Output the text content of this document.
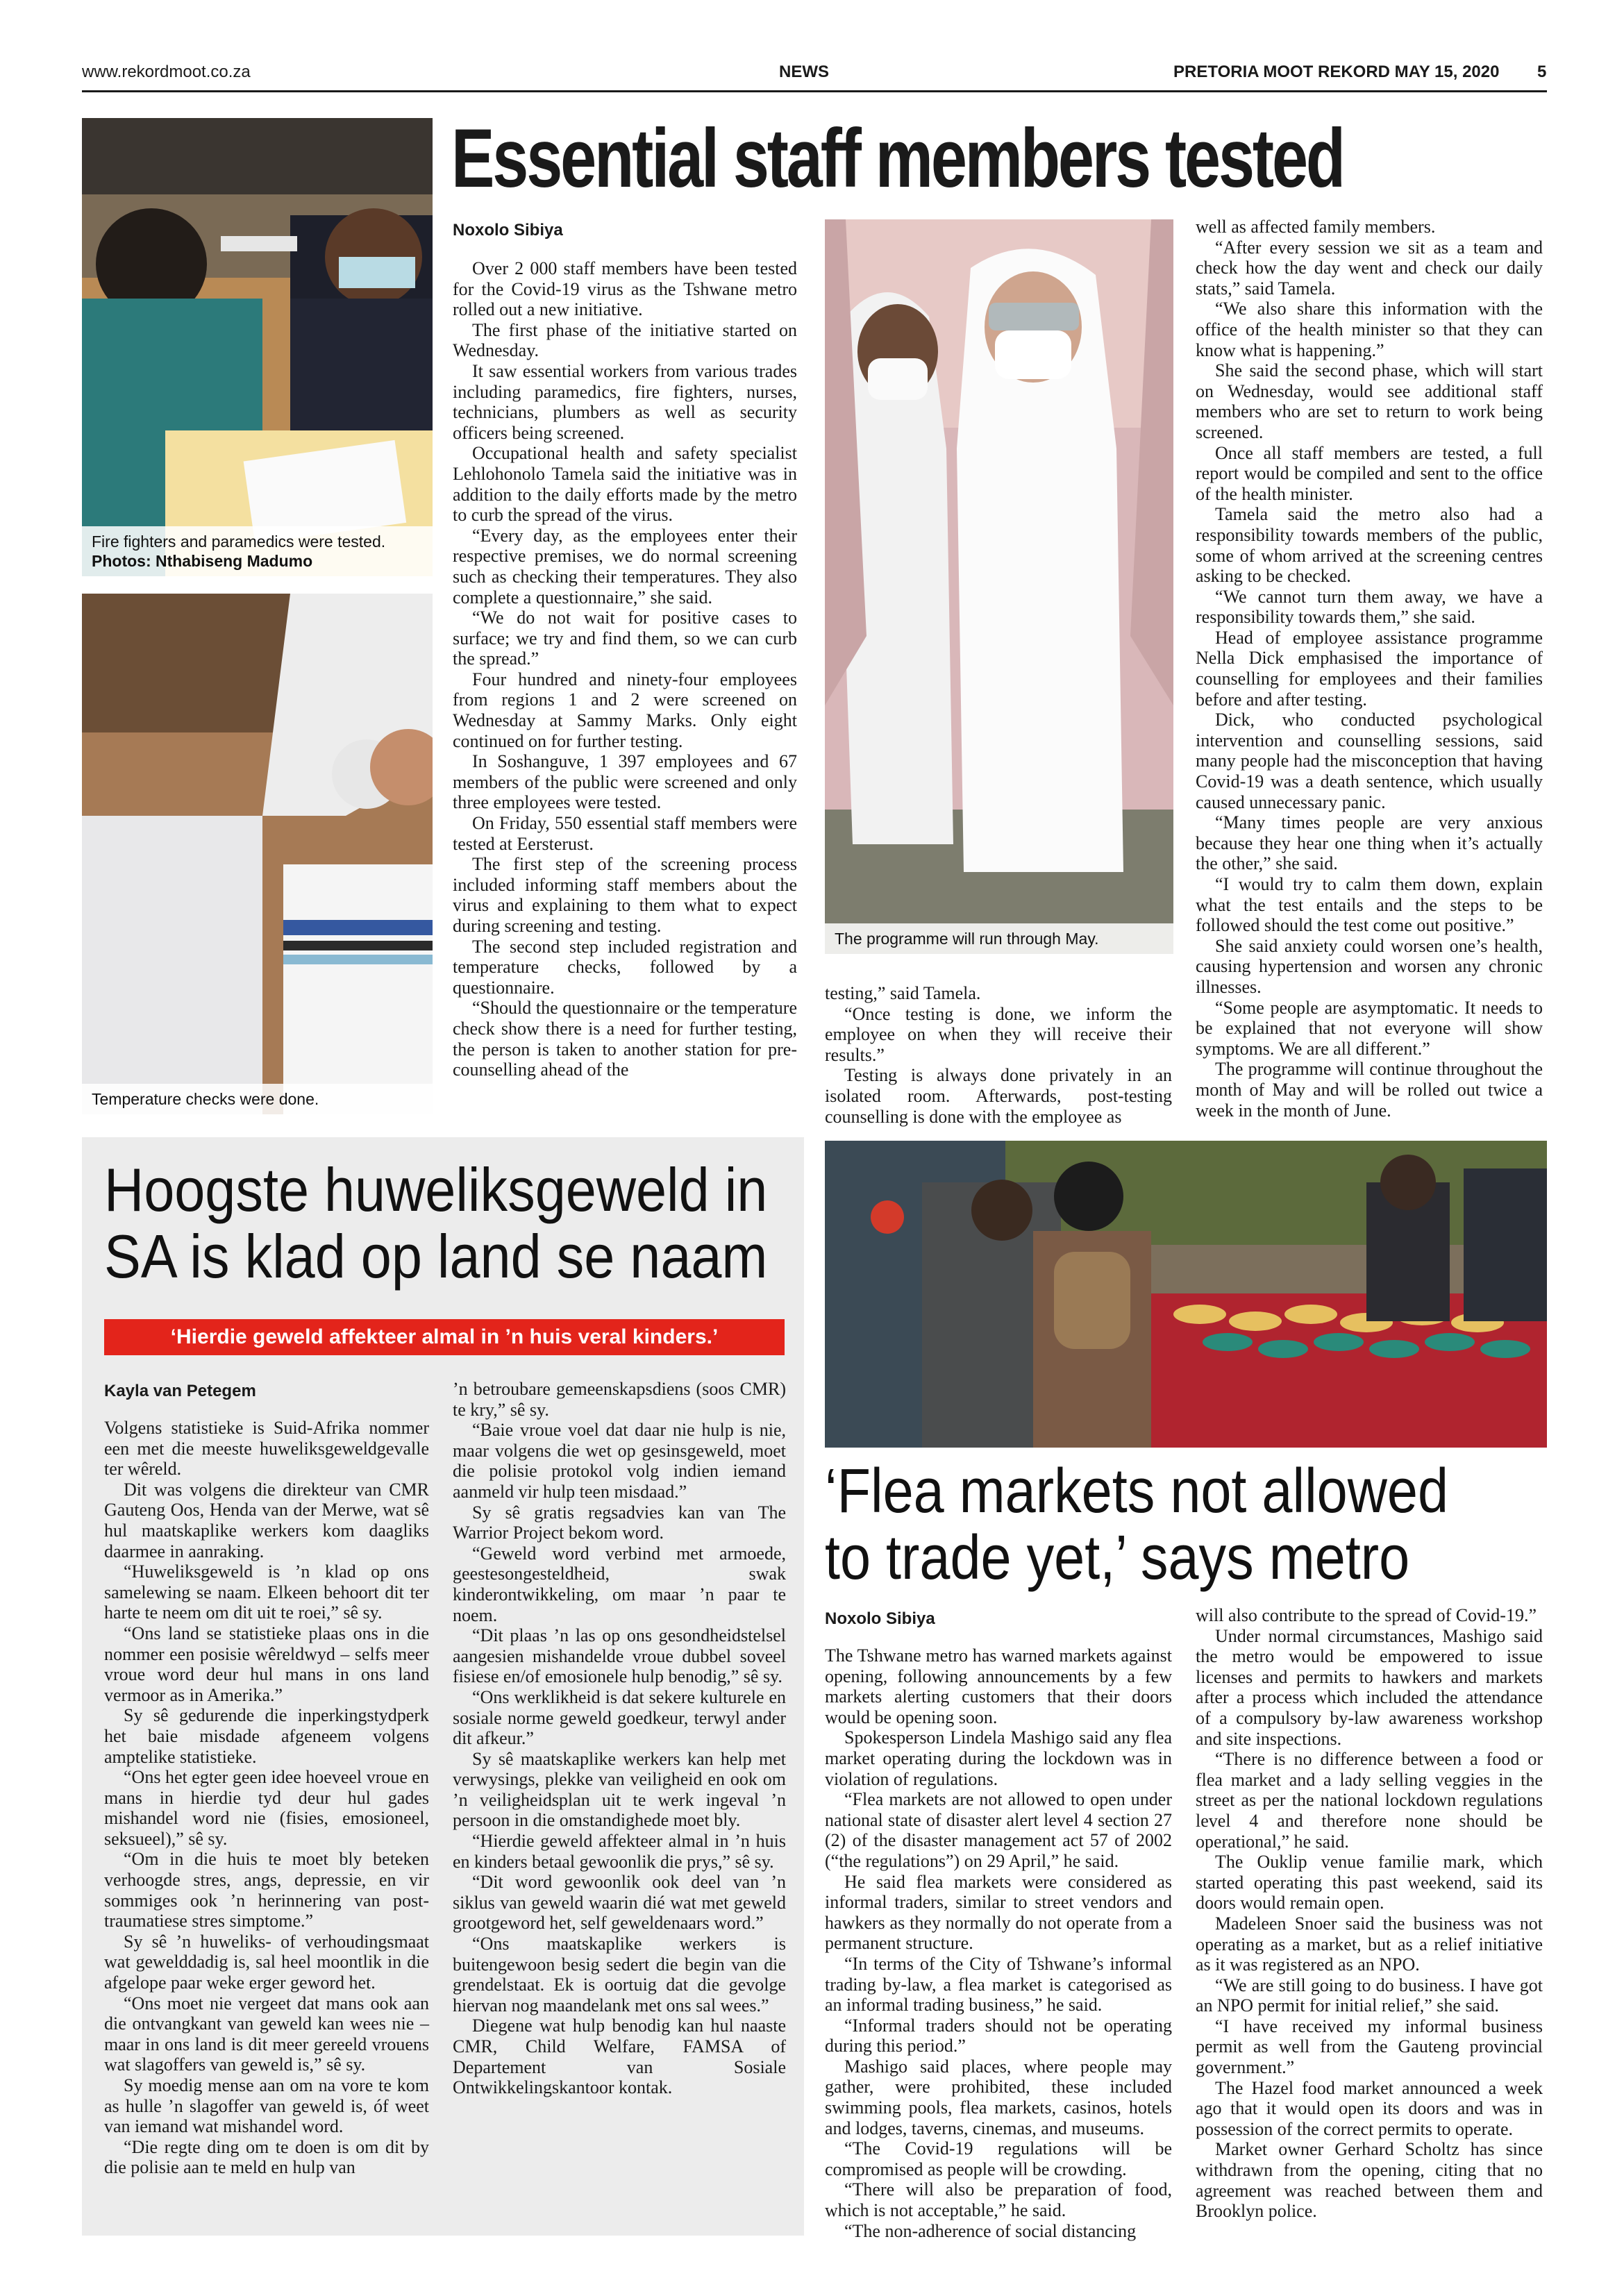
www.rekordmoot.co.za	NEWS	PRETORIA MOOT REKORD MAY 15, 2020 5
Fire fighters and paramedics were tested. Photos: Nthabiseng Madumo
Temperature checks were done.
Essential staff members tested
Noxolo Sibiya

Over 2 000 staff members have been tested for the Covid-19 virus as the Tshwane metro rolled out a new initiative.

The first phase of the initiative started on Wednesday.

It saw essential workers from various trades including paramedics, fire fighters, nurses, technicians, plumbers as well as security officers being screened.

Occupational health and safety specialist Lehlohonolo Tamela said the initiative was in addition to the daily efforts made by the metro to curb the spread of the virus.

“Every day, as the employees enter their respective premises, we do normal screening such as checking their temperatures. They also complete a questionnaire,” she said.

“We do not wait for positive cases to surface; we try and find them, so we can curb the spread.”

Four hundred and ninety-four employees from regions 1 and 2 were screened on Wednesday at Sammy Marks. Only eight continued on for further testing.

In Soshanguve, 1 397 employees and 67 members of the public were screened and only three employees were tested.

On Friday, 550 essential staff members were tested at Eersterust.

The first step of the screening process included informing staff members about the virus and explaining to them what to expect during screening and testing.

The second step included registration and temperature checks, followed by a questionnaire.

“Should the questionnaire or the temperature check show there is a need for further testing, the person is taken to another station for pre-counselling ahead of the

The programme will run through May.

testing,” said Tamela.

“Once testing is done, we inform the employee on when they will receive their results.”

Testing is always done privately in an isolated room. Afterwards, post-testing counselling is done with the employee as

well as affected family members.

“After every session we sit as a team and check how the day went and check our daily stats,” said Tamela.

“We also share this information with the office of the health minister so that they can know what is happening.”

She said the second phase, which will start on Wednesday, would see additional staff members who are set to return to work being screened.

Once all staff members are tested, a full report would be compiled and sent to the office of the health minister.

Tamela said the metro also had a responsibility towards members of the public, some of whom arrived at the screening centres asking to be checked.

“We cannot turn them away, we have a responsibility towards them,” she said.

Head of employee assistance programme Nella Dick emphasised the importance of counselling for employees and their families before and after testing.

Dick, who conducted psychological intervention and counselling sessions, said many people had the misconception that having Covid-19 was a death sentence, which usually caused unnecessary panic.

“Many times people are very anxious because they hear one thing when it’s actually the other,” she said.

“I would try to calm them down, explain what the test entails and the steps to be followed should the test come out positive.”

She said anxiety could worsen one’s health, causing hypertension and worsen any chronic illnesses.

“Some people are asymptomatic. It needs to be explained that not everyone will show symptoms. We are all different.”

The programme will continue throughout the month of May and will be rolled out twice a week in the month of June.

Hoogste huweliksgeweld in
SA is klad op land se naam
‘Hierdie geweld affekteer almal in ’n huis veral kinders.’
Kayla van Petegem

Volgens statistieke is Suid-Afrika nommer een met die meeste huweliksgeweldgevalle ter wêreld.

Dit was volgens die direkteur van CMR Gauteng Oos, Henda van der Merwe, wat sê hul maatskaplike werkers kom daagliks daarmee in aanraking.

“Huweliksgeweld is ’n klad op ons samelewing se naam. Elkeen behoort dit ter harte te neem om dit uit te roei,” sê sy.

“Ons land se statistieke plaas ons in die nommer een posisie wêreldwyd – selfs meer vroue word deur hul mans in ons land vermoor as in Amerika.”

Sy sê gedurende die inperkingstydperk het baie misdade afgeneem volgens amptelike statistieke.

“Ons het egter geen idee hoeveel vroue en mans in hierdie tyd deur hul gades mishandel word nie (fisies, emosioneel, seksueel),” sê sy.

“Om in die huis te moet bly beteken verhoogde stres, angs, depressie, en vir sommiges ook ’n herinnering van post-traumatiese stres simptome.”

Sy sê ’n huweliks- of verhoudingsmaat wat gewelddadig is, sal heel moontlik in die afgelope paar weke erger geword het.

“Ons moet nie vergeet dat mans ook aan die ontvangkant van geweld kan wees nie – maar in ons land is dit meer gereeld vrouens wat slagoffers van geweld is,” sê sy.

Sy moedig mense aan om na vore te kom as hulle ’n slagoffer van geweld is, óf weet van iemand wat mishandel word.

“Die regte ding om te doen is om dit by die polisie aan te meld en hulp van

’n betroubare gemeenskapsdiens (soos CMR) te kry,” sê sy.

“Baie vroue voel dat daar nie hulp is nie, maar volgens die wet op gesinsgeweld, moet die polisie protokol volg indien iemand aanmeld vir hulp teen misdaad.”

Sy sê gratis regsadvies kan van The Warrior Project bekom word.

“Geweld word verbind met armoede, geestesongesteldheid, swak kinderontwikkeling, om maar ’n paar te noem.

“Dit plaas ’n las op ons gesondheidstelsel aangesien mishandelde vroue dubbel soveel fisiese en/of emosionele hulp benodig,” sê sy.

“Ons werklikheid is dat sekere kulturele en sosiale norme geweld goedkeur, terwyl ander dit afkeur.”

Sy sê maatskaplike werkers kan help met verwysings, plekke van veiligheid en ook om ’n veiligheidsplan uit te werk ingeval ’n persoon in die omstandighede moet bly.

“Hierdie geweld affekteer almal in ’n huis en kinders betaal gewoonlik die prys,” sê sy.

“Dit word gewoonlik ook deel van ’n siklus van geweld waarin dié wat met geweld grootgeword het, self geweldenaars word.”

“Ons maatskaplike werkers is buitengewoon besig sedert die begin van die grendelstaat. Ek is oortuig dat die gevolge hiervan nog maandelank met ons sal wees.”

Diegene wat hulp benodig kan hul naaste CMR, Child Welfare, FAMSA of Departement van Sosiale Ontwikkelingskantoor kontak.

‘Flea markets not allowed
to trade yet,’ says metro
Noxolo Sibiya

The Tshwane metro has warned markets against opening, following announcements by a few markets alerting customers that their doors would be opening soon.

Spokesperson Lindela Mashigo said any flea market operating during the lockdown was in violation of regulations.

“Flea markets are not allowed to open under national state of disaster alert level 4 section 27 (2) of the disaster management act 57 of 2002 (“the regulations”) on 29 April,” he said.

He said flea markets were considered as informal traders, similar to street vendors and hawkers as they normally do not operate from a permanent structure.

“In terms of the City of Tshwane’s informal trading by-law, a flea market is categorised as an informal trading business,” he said.

“Informal traders should not be operating during this period.”

Mashigo said places, where people may gather, were prohibited, these included swimming pools, flea markets, casinos, hotels and lodges, taverns, cinemas, and museums.

“The Covid-19 regulations will be compromised as people will be crowding.

“There will also be preparation of food, which is not acceptable,” he said.

“The non-adherence of social distancing

will also contribute to the spread of Covid-19.”

Under normal circumstances, Mashigo said the metro would be empowered to issue licenses and permits to hawkers and markets after a process which included the attendance of a compulsory by-law awareness workshop and site inspections.

“There is no difference between a food or flea market and a lady selling veggies in the street as per the national lockdown regulations level 4 and therefore none should be operational,” he said.

The Ouklip venue familie mark, which started operating this past weekend, said its doors would remain open.

Madeleen Snoer said the business was not operating as a market, but as a relief initiative as it was registered as an NPO.

“We are still going to do business. I have got an NPO permit for initial relief,” she said.

“I have received my informal business permit as well from the Gauteng provincial government.”

The Hazel food market announced a week ago that it would open its doors and was in possession of the correct permits to operate.

Market owner Gerhard Scholtz has since withdrawn from the opening, citing that no agreement was reached between them and Brooklyn police.
